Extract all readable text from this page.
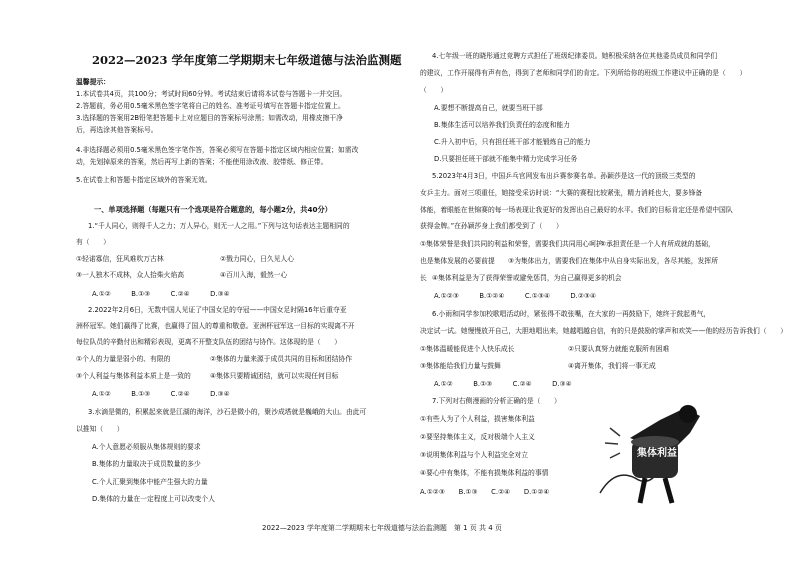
2022—2023 学年度第二学期期末七年级道德与法治监测题
温馨提示：
1.本试卷共4页，共100分；考试时间60分钟。考试结束后请将本试卷与答题卡一并交回。
2.答题前，务必用0.5毫米黑色签字笔将自己的姓名、准考证号填写在答题卡指定位置上。
3.选择题的答案用2B铅笔把答题卡上对应题目的答案标号涂黑；如需改动，用橡皮擦干净
后，再选涂其他答案标号。
4.非选择题必须用0.5毫米黑色签字笔作答，答案必须写在答题卡指定区域内相应位置；如需改
动，先划掉原来的答案，然后再写上新的答案；不能使用涂改液、胶带纸、修正带。
5.在试卷上和答题卡指定区域外的答案无效。
一、单项选择题（每题只有一个选项是符合题意的，每小题2分，共40分）
1.“千人同心，则得千人之力；万人异心，则无一人之用。”下列与这句话表达主题相同的
有（　　）
①轻诺寡信，狂风难吹万古林	②戮力同心，日久见人心
③一人独木不成林，众人拾柴火焰高	④百川入海，毅然一心
A.①②　　　B.①③　　　C.②④　　　D.③④
2.2022年2月6日，无数中国人见证了中国女足的夺冠——中国女足时隔16年后重夺亚
洲杯冠军。她们赢得了比赛，也赢得了国人的尊重和敬意。亚洲杯冠军这一目标的实现离不开
每位队员的辛勤付出和精彩表现，更离不开整支队伍的团结与协作。这体现的是（　　）
①个人的力量是弱小的、有限的	②集体的力量来源于成员共同的目标和团结协作
③个人利益与集体利益本质上是一致的	④集体只要精诚团结，就可以实现任何目标
A.①②　　　B.①③　　　C.②④　　　D.③④
3.水滴是微的，积累起来就是江湖的海洋，沙石是微小的，聚沙成塔就是巍峨的大山。由此可
以推知（　　）
A.个人意愿必须服从集体规则的要求
B.集体的力量取决于成员数量的多少
C.个人汇聚到集体中能产生强大的力量
D.集体的力量在一定程度上可以改变个人
4.七年级一班的晓彤通过竞聘方式担任了班级纪律委员。她积极采纳各位其他委员成员和同学们
的建议，工作开展得有声有色，得到了老师和同学们的肯定。下列所给你的班级工作建议中正确的是（　　）
（　　）
A.要想不断提高自己，就要当班干部
B.集体生活可以培养我们负责任的态度和能力
C.升入初中后，只有担任班干部才能锻炼自己的能力
D.只要担任班干部就不能集中精力完成学习任务
5.2023年4月3日，中国乒乓官网发布出乒赛参赛名单。孙颖莎是这一代的顶级三类型的
女乒主力。面对三项重任，她接受采访时说：“大赛的赛程比较紧张，精力消耗也大，要多锋备
体能，着眼能在世锦赛的每一场表现让我更好的发挥出自己最好的水平。我们的目标肯定还是希望中国队
获得金牌。”在孙颖莎身上我们都受到了（　　）
①集体荣誉是我们共同的利益和荣誉，需要我们共同用心呵护
②承担责任是一个人有所成就的基础，
也是集体发展的必要前提 ③为集体出力，需要我们在集体中从自身实际出发，各尽其能，发挥所
长 ④集体利益是为了获得荣誉或避免惩罚，为自己赢得更多的机会
A.①②③　　　B.①②④　　　C.①③④　　　D.②③④
6.小雨和同学参加校歌唱活动时，紧张得不敢张嘴，在大家的一再鼓励下，她终于鼓起勇气，
决定试一试。她慢慢放开自己，大胆地唱出来，她越唱越自信，有的只是鼓励的掌声和欢笑——他的经历告诉我们（　　）
①集体温暖能促进个人快乐成长	②只要认真努力就能克服所有困难
③集体能给我们力量与鼓舞	④离开集体，我们将一事无成
A.①②　　　B.①③　　　C.②④　　　D.③④
7.下列对右侧漫画的分析正确的是（　　）
①有些人为了个人利益，损害集体利益
②要坚持集体主义，反对极端个人主义
③说明集体利益与个人利益完全对立
④要心中有集体，不能有损集体利益的事情
A.①②③　　B.①③　　C.②④　　D.①②④
集体利益
2022—2023 学年度第二学期期末七年级道德与法治监测题　第 1 页 共 4 页
